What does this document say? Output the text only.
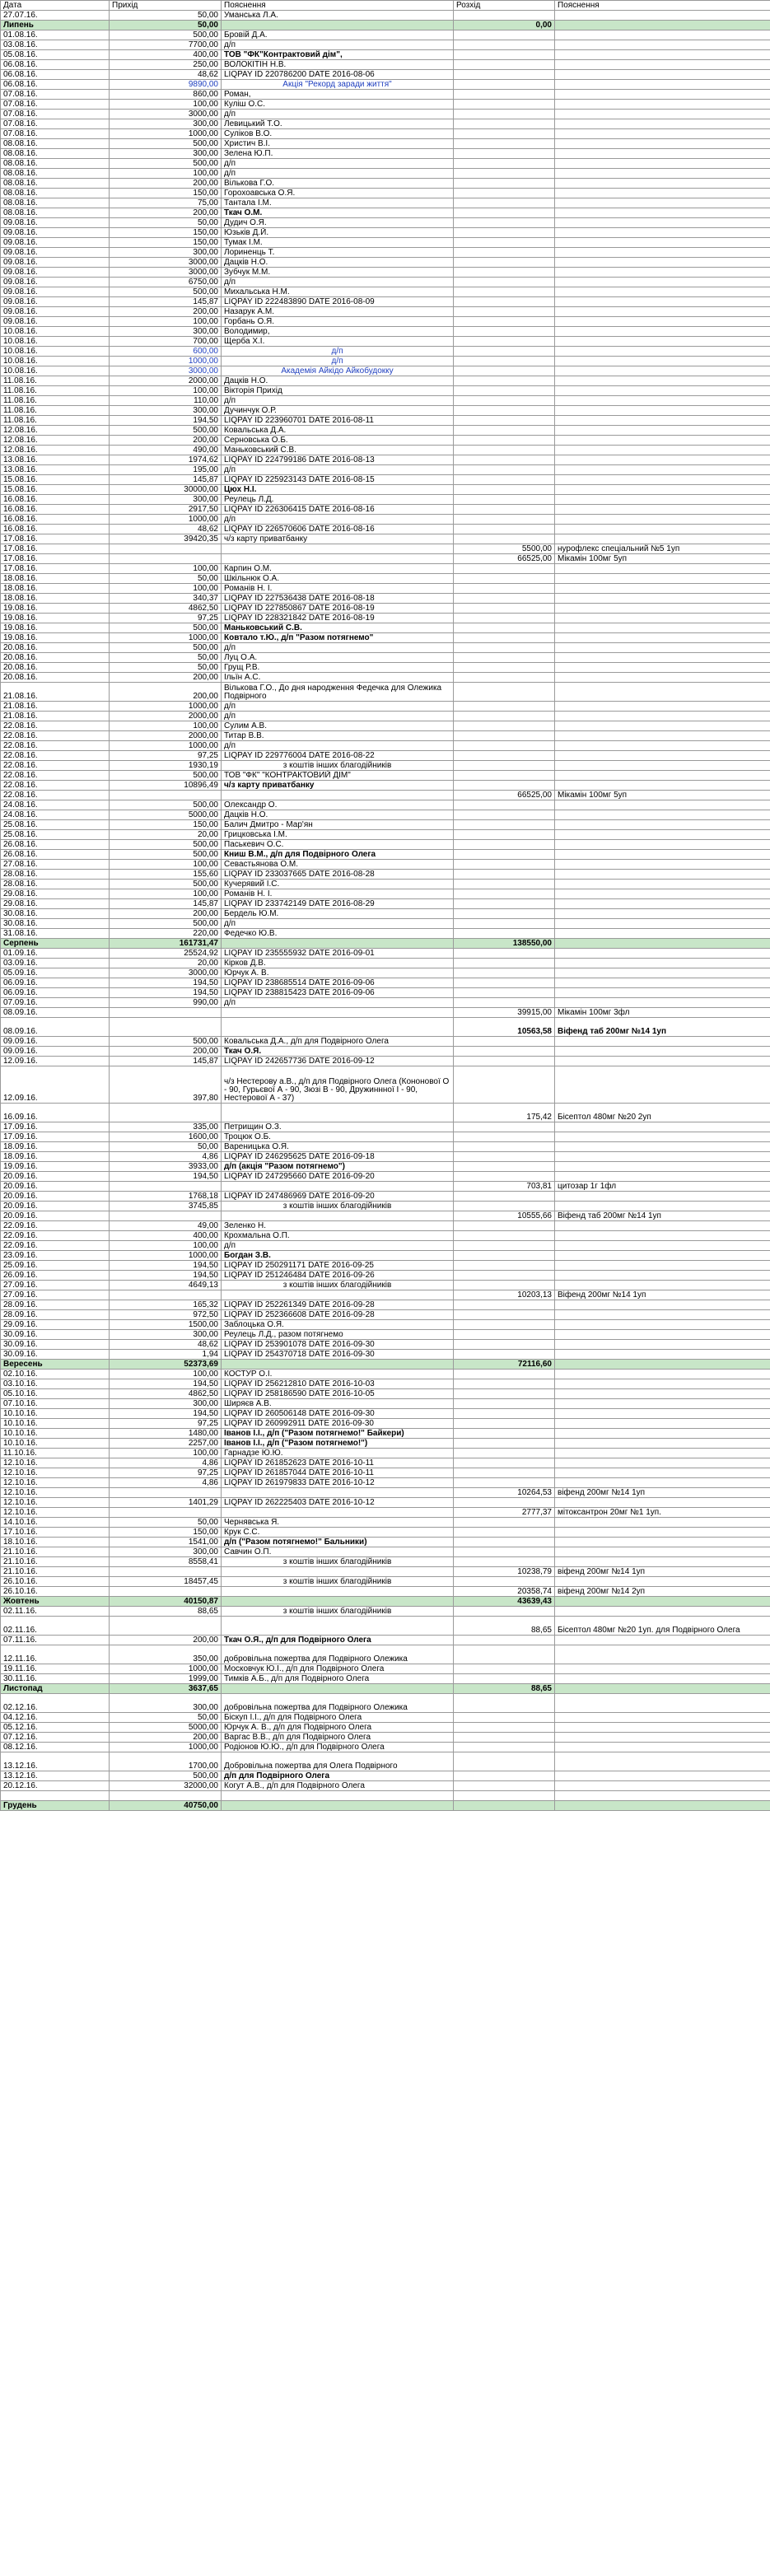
Дата	Прихід	Пояснення	Розхід	Пояснення
27.07.16.	50,00	Уманська Л.А.		
Липень	50,00		0,00	
01.08.16.	500,00	Бровій Д.А.		
03.08.16.	7700,00	д/п		
05.08.16.	400,00	ТОВ "ФК"Контрактовий дім",		
06.08.16.	250,00	ВОЛОКІТІН Н.В.		
06.08.16.	48,62	LIQPAY ID 220786200 DATE 2016-08-06		
06.08.16.	9890,00	Акція "Рекорд заради життя"		
07.08.16.	860,00	Роман,		
07.08.16.	100,00	Куліш О.С.		
07.08.16.	3000,00	д/п		
07.08.16.	300,00	Левицький Т.О.		
07.08.16.	1000,00	Суліков В.О.		
08.08.16.	500,00	Христич В.І.		
08.08.16.	300,00	Зелена Ю.П.		
08.08.16.	500,00	д/п		
08.08.16.	100,00	д/п		
08.08.16.	200,00	Вількова Г.О.		
08.08.16.	150,00	Горохоавська О.Я.		
08.08.16.	75,00	Тантала І.М.		
08.08.16.	200,00	Ткач О.М.		
09.08.16.	50,00	Дудич О.Я.		
09.08.16.	150,00	Юзьків Д.Й.		
09.08.16.	150,00	Тумак І.М.		
09.08.16.	300,00	Лориненць Т.		
09.08.16.	3000,00	Дацків Н.О.		
09.08.16.	3000,00	Зубчук М.М.		
09.08.16.	6750,00	д/п		
09.08.16.	500,00	Михальська Н.М.		
09.08.16.	145,87	LIQPAY ID 222483890 DATE 2016-08-09		
09.08.16.	200,00	Назарук А.М.		
09.08.16.	100,00	Горбань О.Я.		
10.08.16.	300,00	Володимир,		
10.08.16.	700,00	Щерба Х.І.		
10.08.16.	600,00	д/п		
10.08.16.	1000,00	д/п		
10.08.16.	3000,00	Академія Айкідо Айкобудокку		
11.08.16.	2000,00	Дацків Н.О.		
11.08.16.	100,00	Вікторія Прихід		
11.08.16.	110,00	д/п		
11.08.16.	300,00	Дучинчук О.Р.		
11.08.16.	194,50	LIQPAY ID 223960701 DATE 2016-08-11		
12.08.16.	500,00	Ковальська Д.А.		
12.08.16.	200,00	Серновська О.Б.		
12.08.16.	490,00	Маньковський С.В.		
13.08.16.	1974,62	LIQPAY ID 224799186 DATE 2016-08-13		
13.08.16.	195,00	д/п		
15.08.16.	145,87	LIQPAY ID 225923143 DATE 2016-08-15		
15.08.16.	30000,00	Цюх Н.І.		
16.08.16.	300,00	Реулець Л.Д.		
16.08.16.	2917,50	LIQPAY ID 226306415 DATE 2016-08-16		
16.08.16.	1000,00	д/п		
16.08.16.	48,62	LIQPAY ID 226570606 DATE 2016-08-16		
17.08.16.	39420,35	ч/з карту приватбанку		
17.08.16.			5500,00	нурофлекс спеціальний №5 1уп
17.08.16.			66525,00	Мікамін 100мг 5уп
17.08.16.	100,00	Карпин О.М.		
18.08.16.	50,00	Шкільнюк О.А.		
18.08.16.	100,00	Романів Н. І.		
18.08.16.	340,37	LIQPAY ID 227536438 DATE 2016-08-18		
19.08.16.	4862,50	LIQPAY ID 227850867 DATE 2016-08-19		
19.08.16.	97,25	LIQPAY ID 228321842 DATE 2016-08-19		
19.08.16.	500,00	Маньковський С.В.		
19.08.16.	1000,00	Ковтало т.Ю., д/п "Разом потягнемо"		
20.08.16.	500,00	д/п		
20.08.16.	50,00	Луц О.А.		
20.08.16.	50,00	Грущ Р.В.		
20.08.16.	200,00	Ільїн А.С.		
21.08.16.	200,00	Вількова Г.О., До дня народження Федечка для Олежика Подвірного		
21.08.16.	1000,00	д/п		
21.08.16.	2000,00	д/п		
22.08.16.	100,00	Сулим А.В.		
22.08.16.	2000,00	Титар В.В.		
22.08.16.	1000,00	д/п		
22.08.16.	97,25	LIQPAY ID 229776004 DATE 2016-08-22		
22.08.16.	1930,19	з коштів інших благодійників		
22.08.16.	500,00	ТОВ "ФК" "КОНТРАКТОВИЙ ДІМ"		
22.08.16.	10896,49	ч/з карту приватбанку		
22.08.16.			66525,00	Мікамін 100мг 5уп
24.08.16.	500,00	Олександр О.		
24.08.16.	5000,00	Дацків Н.О.		
25.08.16.	150,00	Балич Дмитро - Мар'ян		
25.08.16.	20,00	Грицковська І.М.		
26.08.16.	500,00	Паськевич О.С.		
26.08.16.	500,00	Книш В.М., д/п для Подвірного Олега		
27.08.16.	100,00	Севастьянова О.М.		
28.08.16.	155,60	LIQPAY ID 233037665 DATE 2016-08-28		
28.08.16.	500,00	Кучерявий І.С.		
29.08.16.	100,00	Романів Н. І.		
29.08.16.	145,87	LIQPAY ID 233742149 DATE 2016-08-29		
30.08.16.	200,00	Бердель Ю.М.		
30.08.16.	500,00	д/п		
31.08.16.	220,00	Федечко Ю.В.		
Серпень	161731,47		138550,00	
01.09.16.	25524,92	LIQPAY ID 235555932 DATE 2016-09-01		
03.09.16.	20,00	Кірков Д.В.		
05.09.16.	3000,00	Юрчук А. В.		
06.09.16.	194,50	LIQPAY ID 238685514 DATE 2016-09-06		
06.09.16.	194,50	LIQPAY ID 238815423 DATE 2016-09-06		
07.09.16.	990,00	д/п		
08.09.16.			39915,00	Мікамін 100мг 3фл
08.09.16.			10563,58	Віфенд таб 200мг №14 1уп
09.09.16.	500,00	Ковальська Д.А., д/п для Подвірного Олега		
09.09.16.	200,00	Ткач О.Я.		
12.09.16.	145,87	LIQPAY ID 242657736 DATE 2016-09-12		
12.09.16.	397,80	ч/з Нестерову а.В., д/п для Подвірного Олега (Кононової О - 90, Гурьєвої А - 90, Зюзі В - 90, Дружиннної І - 90, Нестерової А - 37)		
16.09.16.			175,42	Бісептол 480мг №20 2уп
17.09.16.	335,00	Петрищин О.З.		
17.09.16.	1600,00	Троцюк О.Б.		
18.09.16.	50,00	Вареницька О.Я.		
18.09.16.	4,86	LIQPAY ID 246295625 DATE 2016-09-18		
19.09.16.	3933,00	д/п (акція "Разом потягнемо")		
20.09.16.	194,50	LIQPAY ID 247295660 DATE 2016-09-20		
20.09.16.			703,81	цитозар 1г 1фл
20.09.16.	1768,18	LIQPAY ID 247486969 DATE 2016-09-20		
20.09.16.	3745,85	з коштів інших благодійників		
20.09.16.			10555,66	Віфенд таб 200мг №14 1уп
22.09.16.	49,00	Зеленко Н.		
22.09.16.	400,00	Крохмальна О.П.		
22.09.16.	100,00	д/п		
23.09.16.	1000,00	Богдан З.В.		
25.09.16.	194,50	LIQPAY ID 250291171 DATE 2016-09-25		
26.09.16.	194,50	LIQPAY ID 251246484 DATE 2016-09-26		
27.09.16.	4649,13	з коштів інших благодійників		
27.09.16.			10203,13	Віфенд 200мг №14 1уп
28.09.16.	165,32	LIQPAY ID 252261349 DATE 2016-09-28		
28.09.16.	972,50	LIQPAY ID 252366608 DATE 2016-09-28		
29.09.16.	1500,00	Заблоцька О.Я.		
30.09.16.	300,00	Реулець Л.Д., разом потягнемо		
30.09.16.	48,62	LIQPAY ID 253901078 DATE 2016-09-30		
30.09.16.	1,94	LIQPAY ID 254370718 DATE 2016-09-30		
Вересень	52373,69		72116,60	
02.10.16.	100,00	КОСТУР О.І.		
03.10.16.	194,50	LIQPAY ID 256212810 DATE 2016-10-03		
05.10.16.	4862,50	LIQPAY ID 258186590 DATE 2016-10-05		
07.10.16.	300,00	Ширяєв А.В.		
10.10.16.	194,50	LIQPAY ID 260506148 DATE 2016-09-30		
10.10.16.	97,25	LIQPAY ID 260992911 DATE 2016-09-30		
10.10.16.	1480,00	Іванов І.І., д/п ("Разом потягнемо!" Байкери)		
10.10.16.	2257,00	Іванов І.І., д/п ("Разом потягнемо!")		
11.10.16.	100,00	Гарнадзе Ю.Ю.		
12.10.16.	4,86	LIQPAY ID 261852623 DATE 2016-10-11		
12.10.16.	97,25	LIQPAY ID 261857044 DATE 2016-10-11		
12.10.16.	4,86	LIQPAY ID 261979833 DATE 2016-10-12		
12.10.16.			10264,53	віфенд 200мг №14 1уп
12.10.16.	1401,29	LIQPAY ID 262225403 DATE 2016-10-12		
12.10.16.			2777,37	мітоксантрон 20мг №1 1уп.
14.10.16.	50,00	Чернявська Я.		
17.10.16.	150,00	Крук С.С.		
18.10.16.	1541,00	д/п ("Разом потягнемо!" Бальники)		
21.10.16.	300,00	Савчин О.П.		
21.10.16.	8558,41	з коштів інших благодійників		
21.10.16.			10238,79	віфенд 200мг №14 1уп
26.10.16.	18457,45	з коштів інших благодійників		
26.10.16.			20358,74	віфенд 200мг №14 2уп
Жовтень	40150,87		43639,43	
02.11.16.	88,65	з коштів інших благодійників		
02.11.16.			88,65	Бісептол 480мг №20 1уп. для Подвірного Олега
07.11.16.	200,00	Ткач О.Я., д/п для Подвірного Олега		
12.11.16.	350,00	добровільна пожертва для Подвірного Олежика		
19.11.16.	1000,00	Московчук Ю.І., д/п для Подвірного Олега		
30.11.16.	1999,00	Тимків А.Б., д/п для Подвірного Олега		
Листопад	3637,65		88,65	
02.12.16.	300,00	добровільна пожертва для Подвірного Олежика		
04.12.16.	50,00	Біскуп І.І., д/п для Подвірного Олега		
05.12.16.	5000,00	Юрчук А. В., д/п для Подвірного Олега		
07.12.16.	200,00	Варгас В.В., д/п для Подвірного Олега		
08.12.16.	1000,00	Родіонов Ю.Ю., д/п для Подвірного Олега		
13.12.16.	1700,00	Добровільна пожертва для Олега Подвірного		
13.12.16.	500,00	д/п для Подвірного Олега		
20.12.16.	32000,00	Когут А.В., д/п для Подвірного Олега		

Грудень	40750,00			
